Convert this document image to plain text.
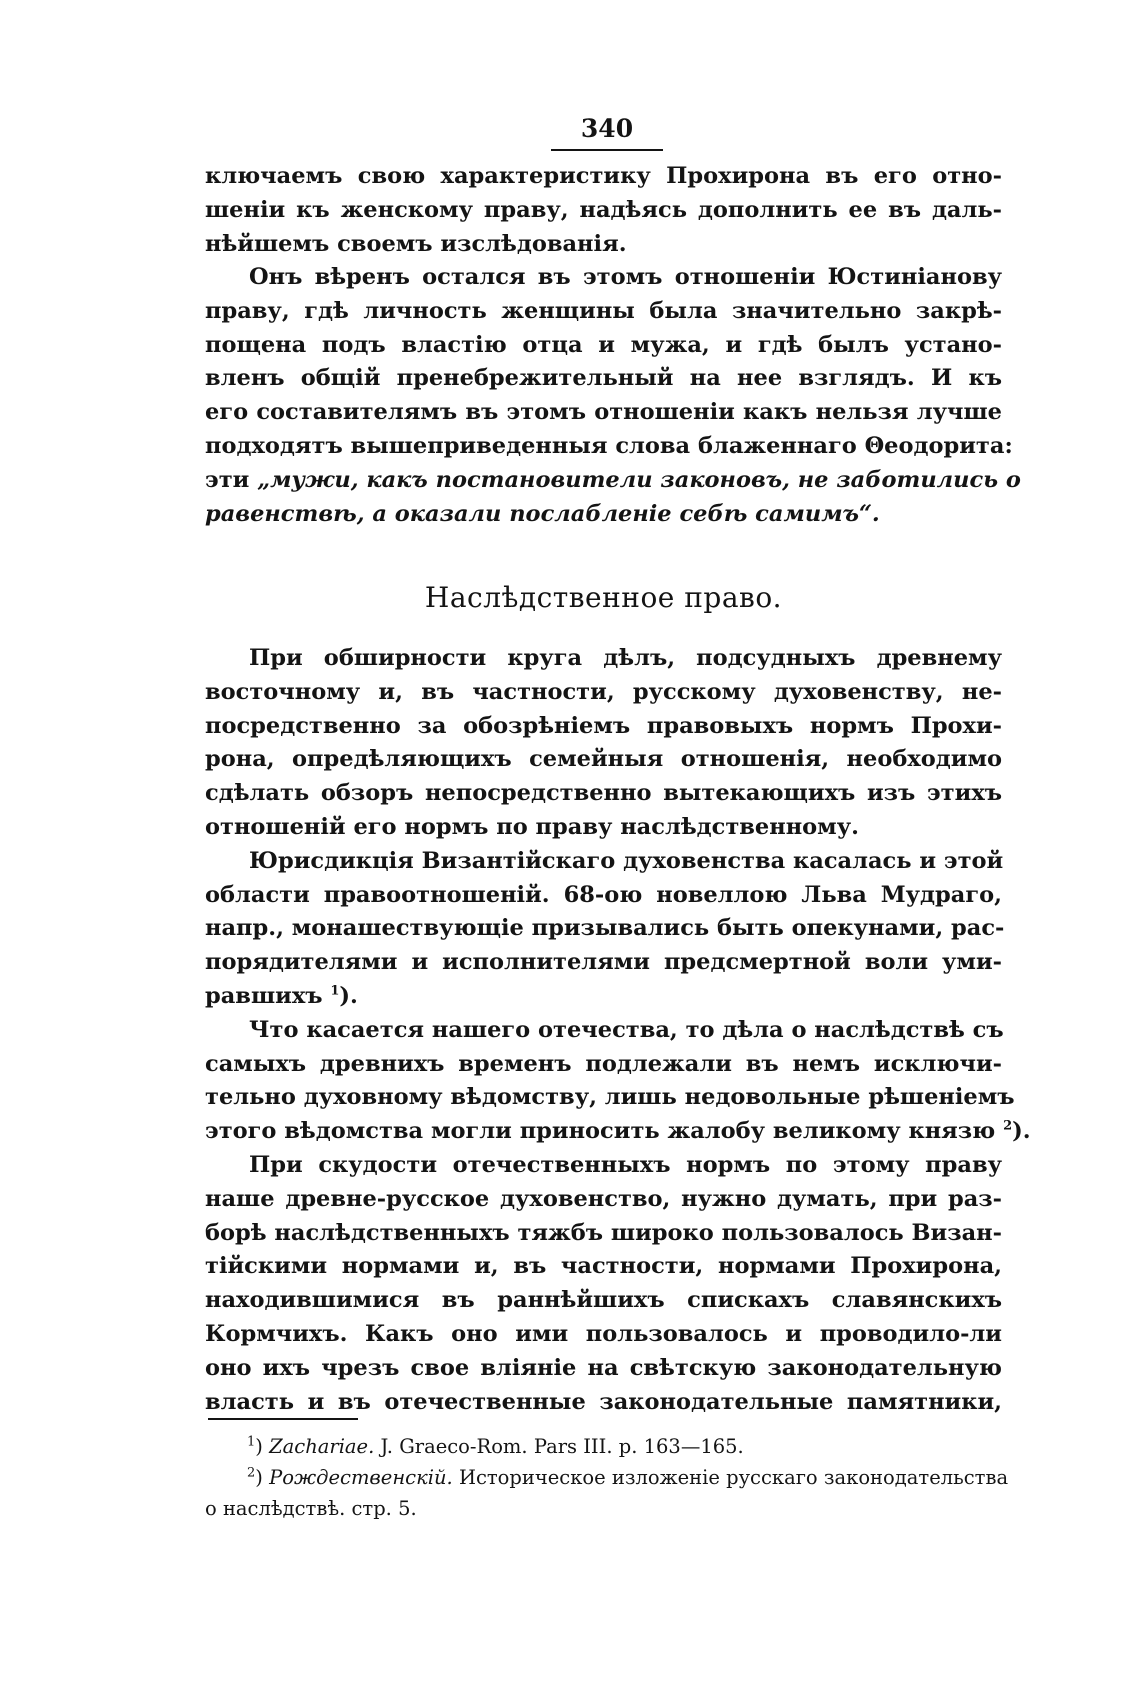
340
ключаемъ свою характеристику Прохирона въ его отно-
шеніи къ женскому праву, надѣясь дополнить ее въ даль-
нѣйшемъ своемъ изслѣдованія.
Онъ вѣренъ остался въ этомъ отношеніи Юстиніанову
праву, гдѣ личность женщины была значительно закрѣ-
пощена подъ властію отца и мужа, и гдѣ былъ устано-
вленъ общій пренебрежительный на нее взглядъ. И къ
его составителямъ въ этомъ отношеніи какъ нельзя лучше
подходятъ вышеприведенныя слова блаженнаго Θеодорита:
эти „мужи, какъ постановители законовъ, не заботились о
равенствѣ, а оказали послабленіе себѣ самимъ“.
Наслѣдственное право.
При обширности круга дѣлъ, подсудныхъ древнему
восточному и, въ частности, русскому духовенству, не-
посредственно за обозрѣніемъ правовыхъ нормъ Прохи-
рона, опредѣляющихъ семейныя отношенія, необходимо
сдѣлать обзоръ непосредственно вытекающихъ изъ этихъ
отношеній его нормъ по праву наслѣдственному.
Юрисдикція Византійскаго духовенства касалась и этой
области правоотношеній. 68-ою новеллою Льва Мудраго,
напр., монашествующіе призывались быть опекунами, рас-
порядителями и исполнителями предсмертной воли уми-
равшихъ $^1$).
Что касается нашего отечества, то дѣла о наслѣдствѣ съ
самыхъ древнихъ временъ подлежали въ немъ исключи-
тельно духовному вѣдомству, лишь недовольные рѣшеніемъ
этого вѣдомства могли приносить жалобу великому князю $^2$).
При скудости отечественныхъ нормъ по этому праву
наше древне-русское духовенство, нужно думать, при раз-
борѣ наслѣдственныхъ тяжбъ широко пользовалось Визан-
тійскими нормами и, въ частности, нормами Прохирона,
находившимися въ раннѣйшихъ спискахъ славянскихъ
Кормчихъ. Какъ оно ими пользовалось и проводило-ли
оно ихъ чрезъ свое вліяніе на свѣтскую законодательную
власть и въ отечественные законодательные памятники,
$^1$) Zachariae. J. Graeco-Rom. Pars III. p. 163—165.
$^2$) Рождественскій. Историческое изложеніе русскаго законодательства
о наслѣдствѣ. стр. 5.
